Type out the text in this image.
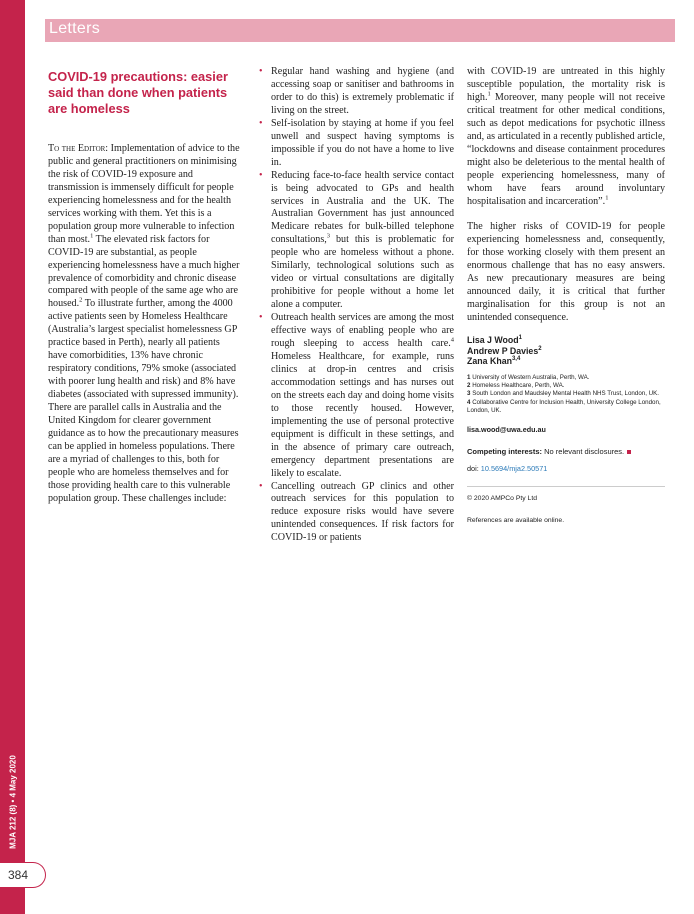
MJA 212 (8) • 4 May 2020
384
Letters
COVID-19 precautions: easier said than done when patients are homeless

To the Editor: Implementation of advice to the public and general practitioners on minimising the risk of COVID-19 exposure and transmission is immensely difficult for people experiencing homelessness and for the health services working with them. Yet this is a population group more vulnerable to infection than most.$^1$ The elevated risk factors for COVID-19 are substantial, as people experiencing homelessness have a much higher prevalence of comorbidity and chronic disease compared with people of the same age who are housed.$^2$ To illustrate further, among the 4000 active patients seen by Homeless Healthcare (Australia’s largest specialist homelessness GP practice based in Perth), nearly all patients have comorbidities, 13% have chronic respiratory conditions, 79% smoke (associated with poorer lung health and risk) and 8% have diabetes (associated with supressed immunity). There are parallel calls in Australia and the United Kingdom for clearer government guidance as to how the precautionary measures can be applied in homeless populations. There are a myriad of challenges to this, both for people who are homeless themselves and for those providing health care to this vulnerable population group. These challenges include:

• Regular hand washing and hygiene (and accessing soap or sanitiser and bathrooms in order to do this) is extremely problematic if living on the street.
• Self-isolation by staying at home if you feel unwell and suspect having symptoms is impossible if you do not have a home to live in.
• Reducing face-to-face health service contact is being advocated to GPs and health services in Australia and the UK. The Australian Government has just announced Medicare rebates for bulk-billed telephone consultations,$^3$ but this is problematic for people who are homeless without a phone. Similarly, technological solutions such as video or virtual consultations are digitally prohibitive for people without a home let alone a computer.
• Outreach health services are among the most effective ways of enabling people who are rough sleeping to access health care.$^4$ Homeless Healthcare, for example, runs clinics at drop-in centres and crisis accommodation settings and has nurses out on the streets each day and doing home visits to those recently housed. However, implementing the use of personal protective equipment is difficult in these settings, and in the absence of primary care outreach, emergency department presentations are likely to escalate.
• Cancelling outreach GP clinics and other outreach services for this population to reduce exposure risks would have severe unintended consequences. If risk factors for COVID-19 or patients

with COVID-19 are untreated in this highly susceptible population, the mortality risk is high.$^1$ Moreover, many people will not receive critical treatment for other medical conditions, such as depot medications for psychotic illness and, as articulated in a recently published article, “lockdowns and disease containment procedures might also be deleterious to the mental health of people experiencing homelessness, many of whom have fears around involuntary hospitalisation and incarceration”.$^1$

The higher risks of COVID-19 for people experiencing homelessness and, consequently, for those working closely with them present an enormous challenge that has no easy answers. As new precautionary measures are being announced daily, it is critical that further marginalisation for this group is not an unintended consequence.

Lisa J Wood$^1$
Andrew P Davies$^2$
Zana Khan$^{3,4}$
1 University of Western Australia, Perth, WA.
2 Homeless Healthcare, Perth, WA.
3 South London and Maudsley Mental Health NHS Trust, London, UK.
4 Collaborative Centre for Inclusion Health, University College London, London, UK.
lisa.wood@uwa.edu.au
Competing interests: No relevant disclosures.
doi: 10.5694/mja2.50571
© 2020 AMPCo Pty Ltd
References are available online.
